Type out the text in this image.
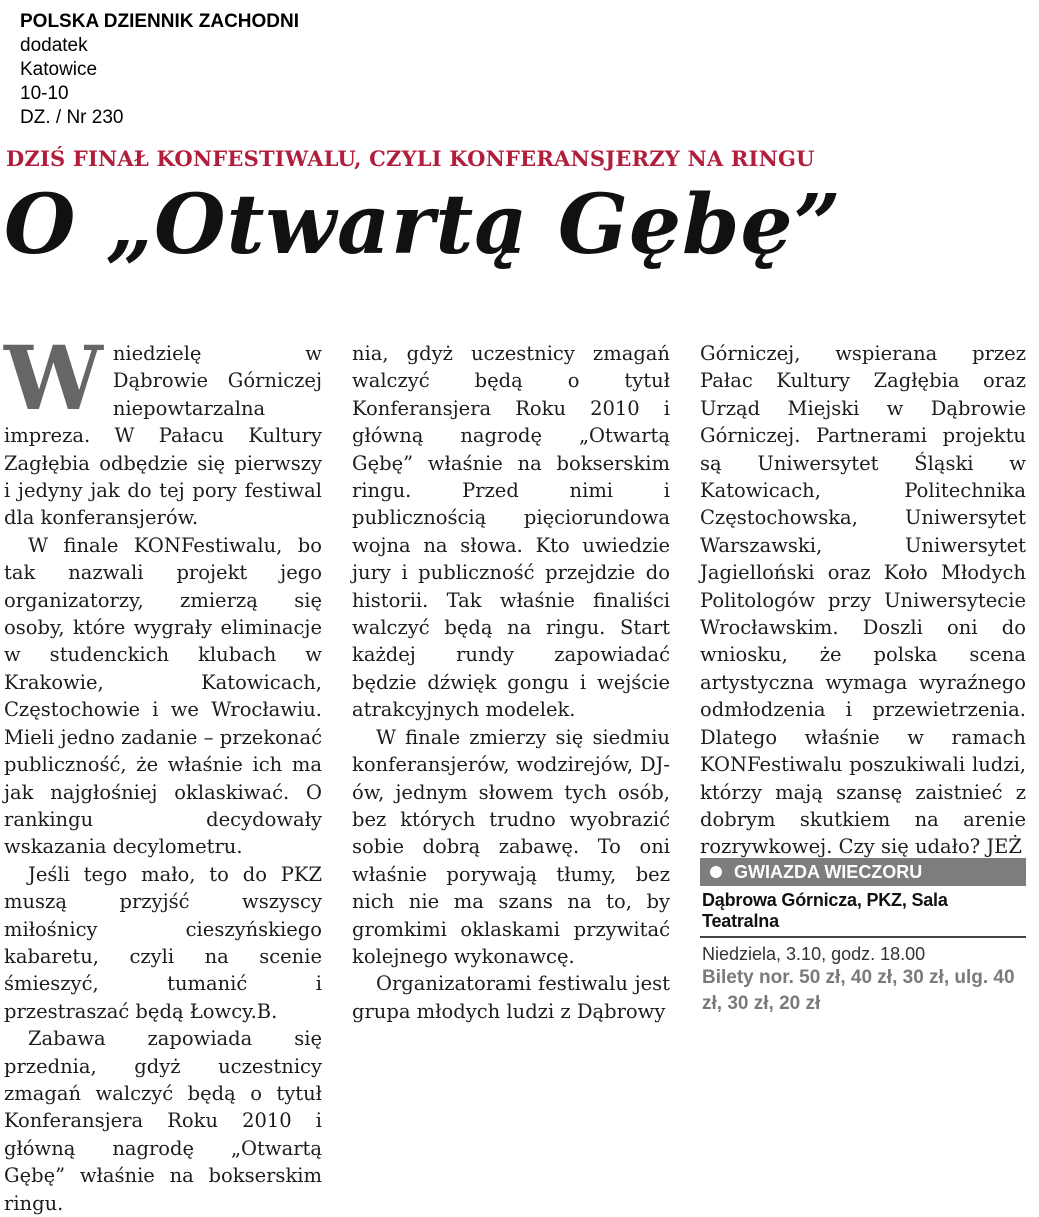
POLSKA DZIENNIK ZACHODNI
dodatek
Katowice
10-10
DZ. / Nr 230
DZIŚ FINAŁ KONFESTIWALU, CZYLI KONFERANSJERZY NA RINGU
O „Otwartą Gębę”

Wniedzielę w Dąbrowie Górniczej niepowtarzalna impreza. W Pałacu Kultury Zagłębia odbędzie się pierwszy i jedyny jak do tej pory festiwal dla konferansjerów.

W finale KONFestiwalu, bo tak nazwali projekt jego organizatorzy, zmierzą się osoby, które wygrały eliminacje w studenckich klubach w Krakowie, Katowicach, Częstochowie i we Wrocławiu. Mieli jedno zadanie – przekonać publiczność, że właśnie ich ma jak najgłośniej oklaskiwać. O rankingu decydowały wskazania decylometru.

Jeśli tego mało, to do PKZ muszą przyjść wszyscy miłośnicy cieszyńskiego kabaretu, czyli na scenie śmieszyć, tumanić i przestraszać będą Łowcy.B.

Zabawa zapowiada się przedniа, gdyż uczestnicy zmagań walczyć będą o tytuł Konferansjera Roku 2010 i główną nagrodę „Otwartą Gębę” właśnie na bokserskim ringu.

nia, gdyż uczestnicy zmagań walczyć będą o tytuł Konferansjera Roku 2010 i główną nagrodę „Otwartą Gębę” właśnie na bokserskim ringu. Przed nimi i publicznością pięciorundowa wojna na słowa. Kto uwiedzie jury i publiczność przejdzie do historii. Tak właśnie finaliści walczyć będą na ringu. Start każdej rundy zapowiadać będzie dźwięk gongu i wejście atrakcyjnych modelek.

W finale zmierzy się siedmiu konferansjerów, wodzirejów, DJ-ów, jednym słowem tych osób, bez których trudno wyobrazić sobie dobrą zabawę. To oni właśnie porywają tłumy, bez nich nie ma szans na to, by gromkimi oklaskami przywitać kolejnego wykonawcę.

Organizatorami festiwalu jest grupa młodych ludzi z Dąbrowy

Górniczej, wspierana przez Pałac Kultury Zagłębia oraz Urząd Miejski w Dąbrowie Górniczej. Partnerami projektu są Uniwersytet Śląski w Katowicach, Politechnika Częstochowska, Uniwersytet Warszawski, Uniwersytet Jagielloński oraz Koło Młodych Politologów przy Uniwersytecie Wrocławskim. Doszli oni do wniosku, że polska scena artystyczna wymaga wyraźnego odmłodzenia i przewietrzenia. Dlatego właśnie w ramach KONFestiwalu poszukiwali ludzi, którzy mają szansę zaistnieć z dobrym skutkiem na arenie rozrywkowej. Czy się udało? JEŻ

GWIAZDA WIECZORU
Dąbrowa Górnicza, PKZ, Sala Teatralna
Niedziela, 3.10, godz. 18.00
Bilety nor. 50 zł, 40 zł, 30 zł, ulg. 40 zł, 30 zł, 20 zł
